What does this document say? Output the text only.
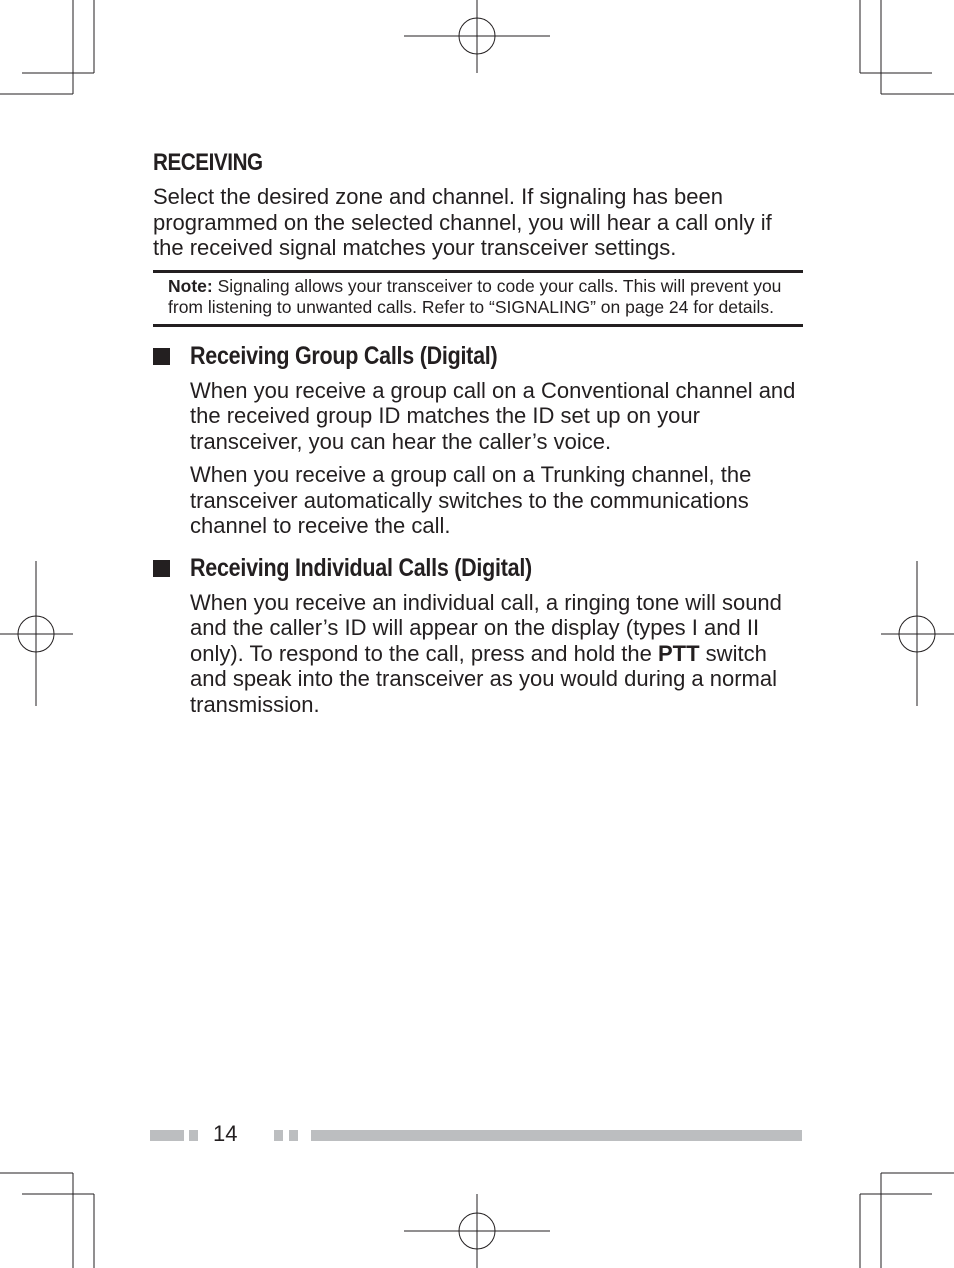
RECEIVING

Select the desired zone and channel. If signaling has been programmed on the selected channel, you will hear a call only if the received signal matches your transceiver settings.

Note: Signaling allows your transceiver to code your calls. This will prevent you from listening to unwanted calls. Refer to “SIGNALING” on page 24 for details.
Receiving Group Calls (Digital)

When you receive a group call on a Conventional channel and the received group ID matches the ID set up on your transceiver, you can hear the caller’s voice.

When you receive a group call on a Trunking channel, the transceiver automatically switches to the communications channel to receive the call.

Receiving Individual Calls (Digital)

When you receive an individual call, a ringing tone will sound and the caller’s ID will appear on the display (types I and II only). To respond to the call, press and hold the PTT switch and speak into the transceiver as you would during a normal transmission.

14
